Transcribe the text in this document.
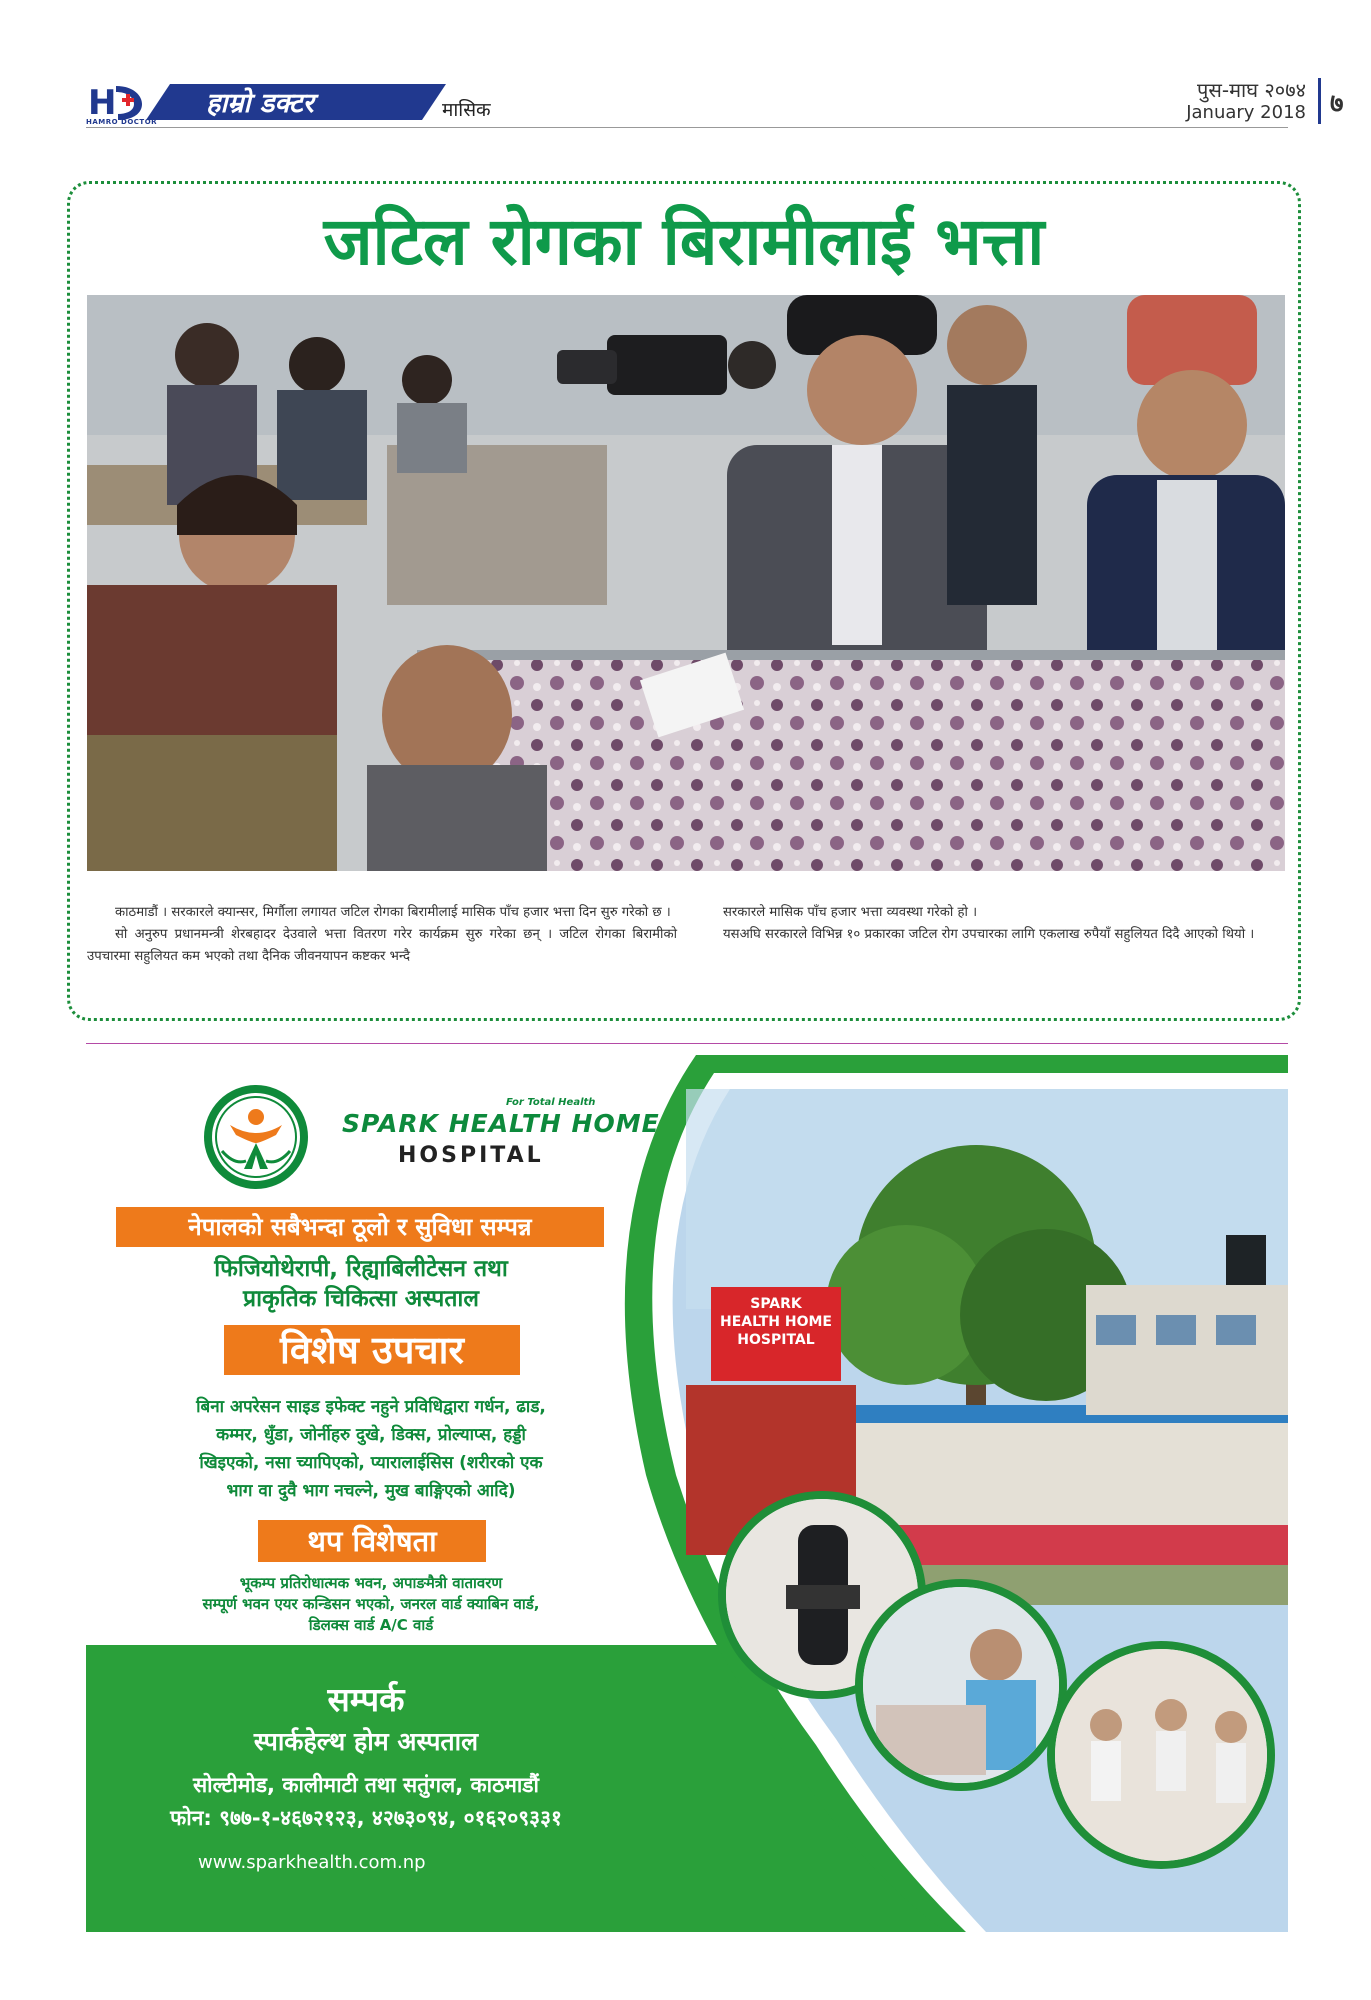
H	हाम्रो डक्टर	मासिक
HAMRO DOCTOR
पुस-माघ २०७४
January 2018 ७
जटिल रोगका बिरामीलाई भत्ता

काठमाडौं । सरकारले क्यान्सर, मिर्गौला लगायत जटिल रोगका बिरामीलाई मासिक पाँच हजार भत्ता दिन सुरु गरेको छ ।

सो अनुरुप प्रधानमन्त्री शेरबहादर देउवाले भत्ता वितरण गरेर कार्यक्रम सुरु गरेका छन् । जटिल रोगका बिरामीको उपचारमा सहुलियत कम भएको तथा दैनिक जीवनयापन कष्टकर भन्दै

सरकारले मासिक पाँच हजार भत्ता व्यवस्था गरेको हो ।

यसअघि सरकारले विभिन्न १० प्रकारका जटिल रोग उपचारका लागि एकलाख रुपैयाँ सहुलियत दिदै आएको थियो ।

SPARK
HEALTH HOME
HOSPITAL
For Total Health
SPARK HEALTH HOME
HOSPITAL
नेपालको सबैभन्दा ठूलो र सुविधा सम्पन्न
फिजियोथेरापी, रिह्याबिलीटेसन तथा
प्राकृतिक चिकित्सा अस्पताल
विशेष उपचार
बिना अपरेसन साइड इफेक्ट नहुने प्रविधिद्वारा गर्धन, ढाड,
कम्मर, धुँडा, जोर्नीहरु दुखे, डिक्स, प्रोल्याप्स, हड्डी
खिइएको, नसा च्यापिएको, प्यारालाईसिस (शरीरको एक
भाग वा दुवै भाग नचल्ने, मुख बाङ्गिएको आदि)
थप विशेषता
भूकम्प प्रतिरोधात्मक भवन, अपाङमैत्री वातावरण
सम्पूर्ण भवन एयर कन्डिसन भएको, जनरल वार्ड क्याबिन वार्ड,
डिलक्स वार्ड A/C वार्ड
सम्पर्क
स्पार्कहेल्थ होम अस्पताल
सोल्टीमोड, कालीमाटी तथा सतुंगल, काठमाडौं
फोन: ९७७-१-४६७२१२३, ४२७३०९४, ०१६२०९३३१
www.sparkhealth.com.np
